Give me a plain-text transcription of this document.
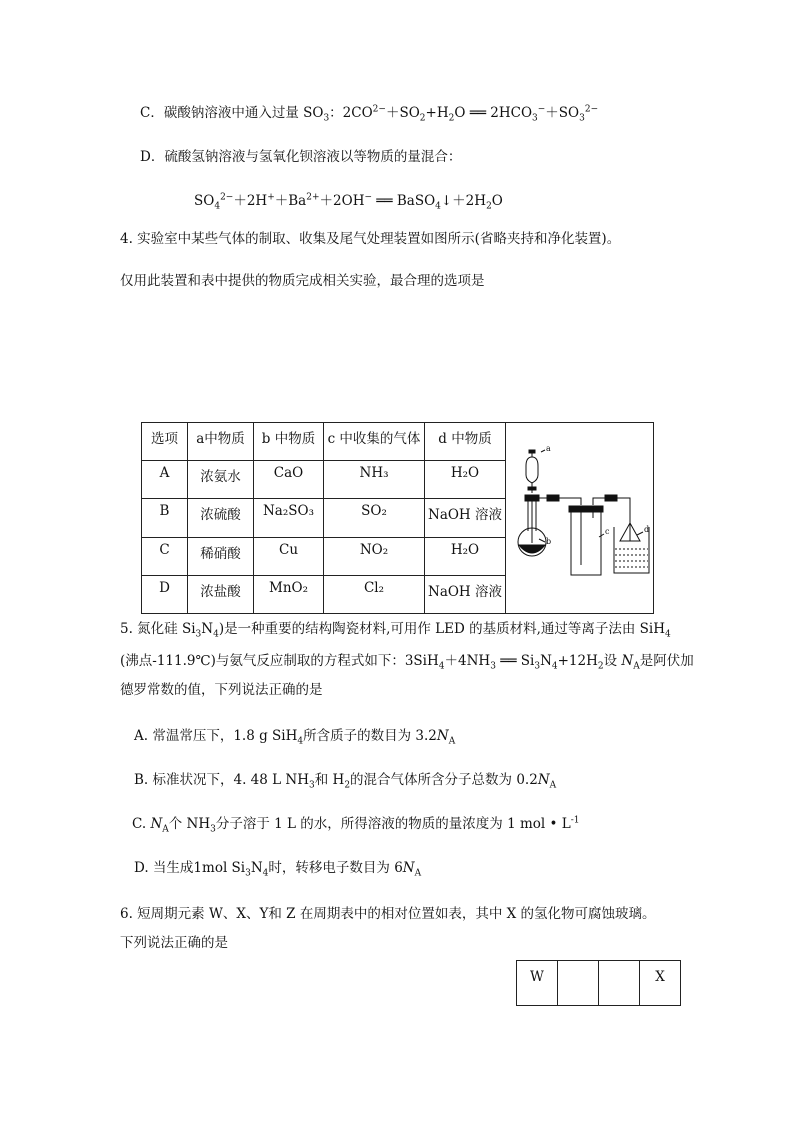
C．碳酸钠溶液中通入过量 $SO_3$：$2CO^{2-}+SO_2+H_2O$ ══ $2HCO_3^-+SO_3^{2-}$
D．硫酸氢钠溶液与氢氧化钡溶液以等物质的量混合：
$SO_4^{2-}+2H^++Ba^{2+}+2OH^-$ ══ $BaSO_4↓+2H_2O$
4. 实验室中某些气体的制取、收集及尾气处理装置如图所示(省略夹持和净化装置)。
仅用此装置和表中提供的物质完成相关实验，最合理的选项是
选项	a中物质	b 中物质	c 中收集的气体	d 中物质	a
b
c d

A	浓氨水	CaO	NH₃	H₂O	
B	浓硫酸	Na₂SO₃	SO₂	NaOH 溶液	
C	稀硝酸	Cu	NO₂	H₂O	
D	浓盐酸	MnO₂	Cl₂	NaOH 溶液	
5. 氮化硅 $Si_3N_4$)是一种重要的结构陶瓷材料,可用作 LED 的基质材料,通过等离子法由 SiH$_4$
(沸点-111.9℃)与氨气反应制取的方程式如下：$3SiH_4+4NH_3$ ══ $Si_3N_4+12H_2$设 $N_A$是阿伏加
德罗常数的值，下列说法正确的是
A. 常温常压下，1.8 g SiH$_4$所含质子的数目为 $3.2N_A$
B. 标准状况下，4. 48 L $NH_3$和 $H_2$的混合气体所含分子总数为 $0.2N_A$
C. $N_A$个 $NH_3$分子溶于 1 L 的水，所得溶液的物质的量浓度为 1 mol • $L^{-1}$
D. 当生成1mol $Si_3N_4$时，转移电子数目为 $6N_A$
6. 短周期元素 W、X、Y和 Z 在周期表中的相对位置如表，其中 X 的氢化物可腐蚀玻璃。
下列说法正确的是
W			X
